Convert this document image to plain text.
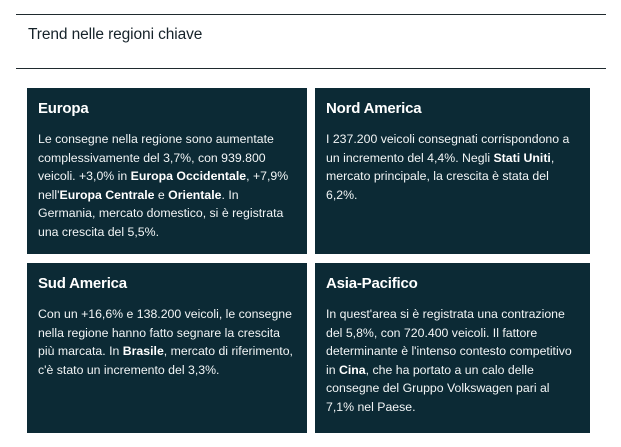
Trend nelle regioni chiave
Europa
Le consegne nella regione sono aumentate complessivamente del 3,7%, con 939.800 veicoli. +3,0% in Europa Occidentale, +7,9% nell'Europa Centrale e Orientale. In Germania, mercato domestico, si è registrata una crescita del 5,5%.
Nord America
I 237.200 veicoli consegnati corrispondono a un incremento del 4,4%. Negli Stati Uniti, mercato principale, la crescita è stata del 6,2%.
Sud America
Con un +16,6% e 138.200 veicoli, le consegne nella regione hanno fatto segnare la crescita più marcata. In Brasile, mercato di riferimento, c'è stato un incremento del 3,3%.
Asia-Pacifico
In quest'area si è registrata una contrazione del 5,8%, con 720.400 veicoli. Il fattore determinante è l'intenso contesto competitivo in Cina, che ha portato a un calo delle consegne del Gruppo Volkswagen pari al 7,1% nel Paese.
